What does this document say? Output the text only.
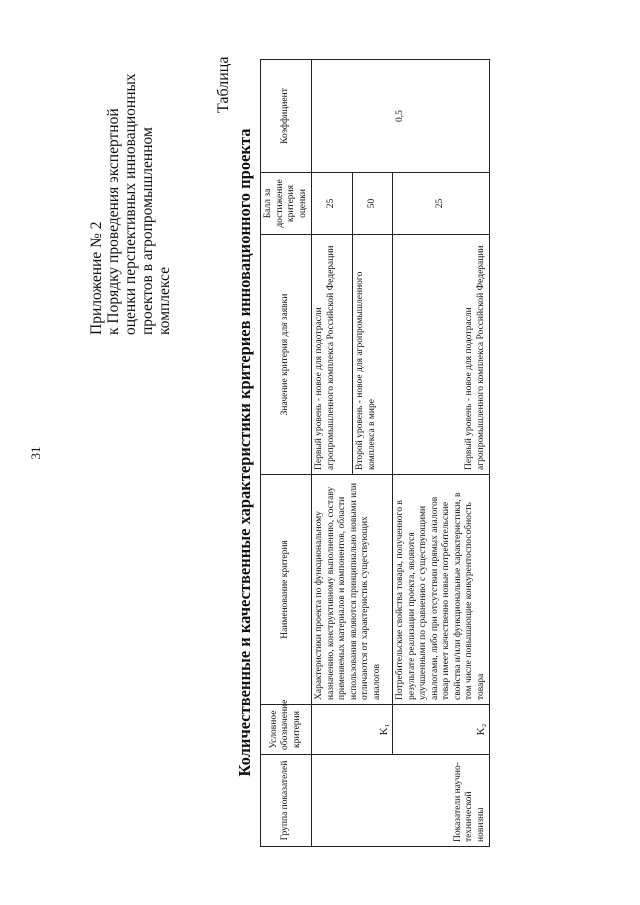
31
Приложение № 2 к Порядку проведения экспертной оценки перспективных инновационных проектов в агропромышленном комплексе
Таблица
Количественные и качественные характеристики критериев инновационного проекта
Группа показателей	Условное обозначение критерия	Наименование критерия	Значение критерия для заявки	Балл за достижение критерия оценки	Коэффициент
Показатели научно-технической новизны	K₁	Характеристики проекта по функциональному назначению, конструктивному выполнению, составу применяемых материалов и компонентов, области использования являются принципиально новыми или отличаются от характеристик существующих аналогов	Первый уровень - новое для подотрасли агропромышленного комплекса Российской Федерации	25	0,5
			Второй уровень - новое для агропромышленного комплекса в мире	50	
	K₂	Потребительские свойства товара, полученного в результате реализации проекта, являются улучшенными по сравнению с существующими аналогами, либо при отсутствии прямых аналогов товар имеет качественно новые потребительские свойства и/или функциональные характеристики, в том числе повышающие конкурентоспособность товара	Первый уровень - новое для подотрасли агропромышленного комплекса Российской Федерации	25	
